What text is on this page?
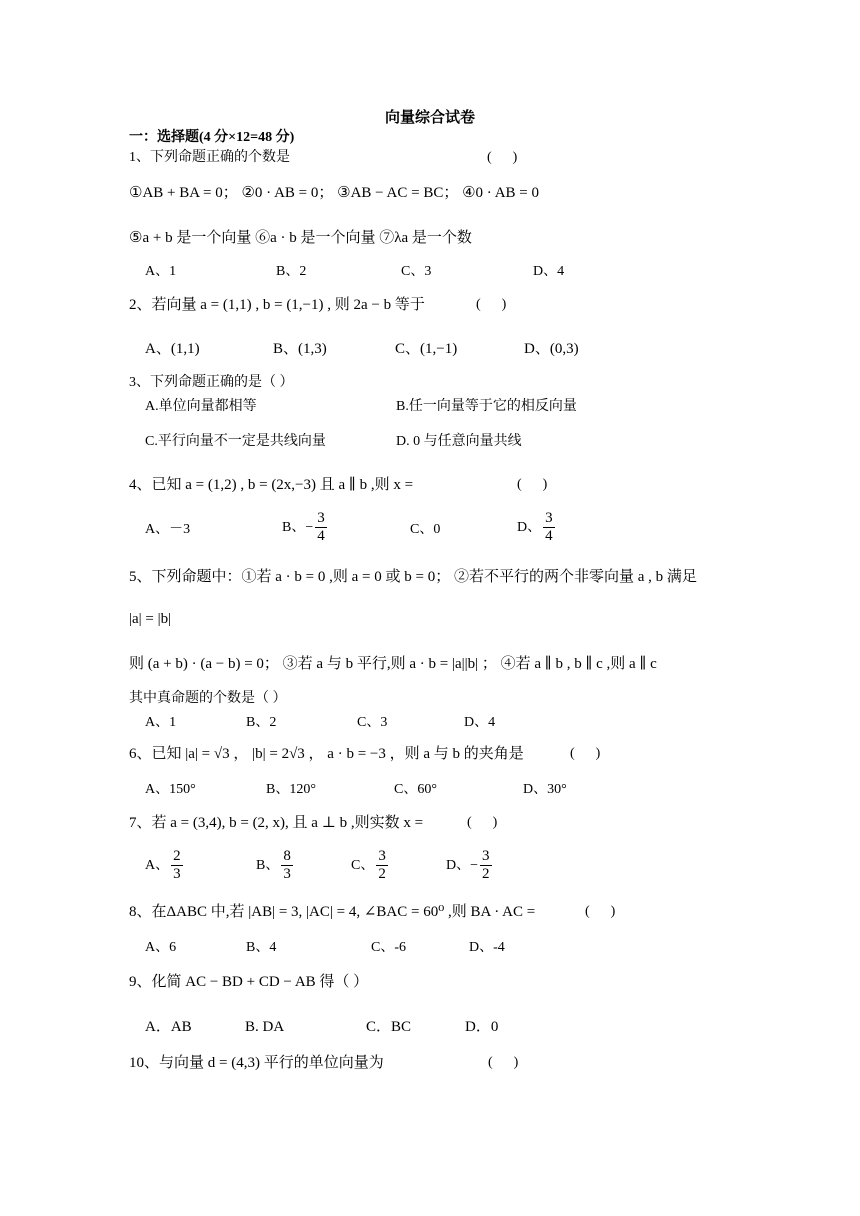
向量综合试卷
一：选择题(4 分×12=48 分)
1、下列命题正确的个数是	(      )
①AB + BA = 0； ②0 · AB = 0； ③AB − AC = BC； ④0 · AB = 0
⑤a + b 是一个向量 ⑥a · b 是一个向量 ⑦λa 是一个数
A、1	B、2	C、3	D、4
2、若向量 a = (1,1) , b = (1,−1) , 则 2a − b 等于	(      )
A、(1,1)	B、(1,3)	C、(1,−1)	D、(0,3)
3、下列命题正确的是（ ）
A.单位向量都相等	B.任一向量等于它的相反向量
C.平行向量不一定是共线向量	D. 0 与任意向量共线
4、已知 a = (1,2) , b = (2x,−3) 且 a ∥ b ,则 x =	(      )
A、－3	B、− $\frac{3}{4}$	C、0	D、 $\frac{3}{4}$
5、下列命题中：①若 a · b = 0 ,则 a = 0 或 b = 0； ②若不平行的两个非零向量 a , b 满足
|a| = |b|
则 (a + b) · (a − b) = 0； ③若 a 与 b 平行,则 a · b = |a||b| ； ④若 a ∥ b , b ∥ c ,则 a ∥ c
其中真命题的个数是（ ）
A、1	B、2	C、3	D、4
6、已知 |a| = √3 ， |b| = 2√3 ， a · b = −3 ，则 a 与 b 的夹角是	(      )
A、150°	B、120°	C、60°	D、30°
7、若 a = (3,4), b = (2, x), 且 a ⊥ b ,则实数 x =	(      )
A、 $\frac{2}{3}$	B、 $\frac{8}{3}$	C、 $\frac{3}{2}$	D、− $\frac{3}{2}$
8、在ΔABC 中,若 |AB| = 3, |AC| = 4, ∠BAC = 60⁰ ,则 BA · AC =	(      )
A、6	B、4	C、-6	D、-4
9、化简 AC − BD + CD − AB 得（ ）
A．AB	B. DA	C．BC	D．0
10、与向量 d = (4,3) 平行的单位向量为	(      )
